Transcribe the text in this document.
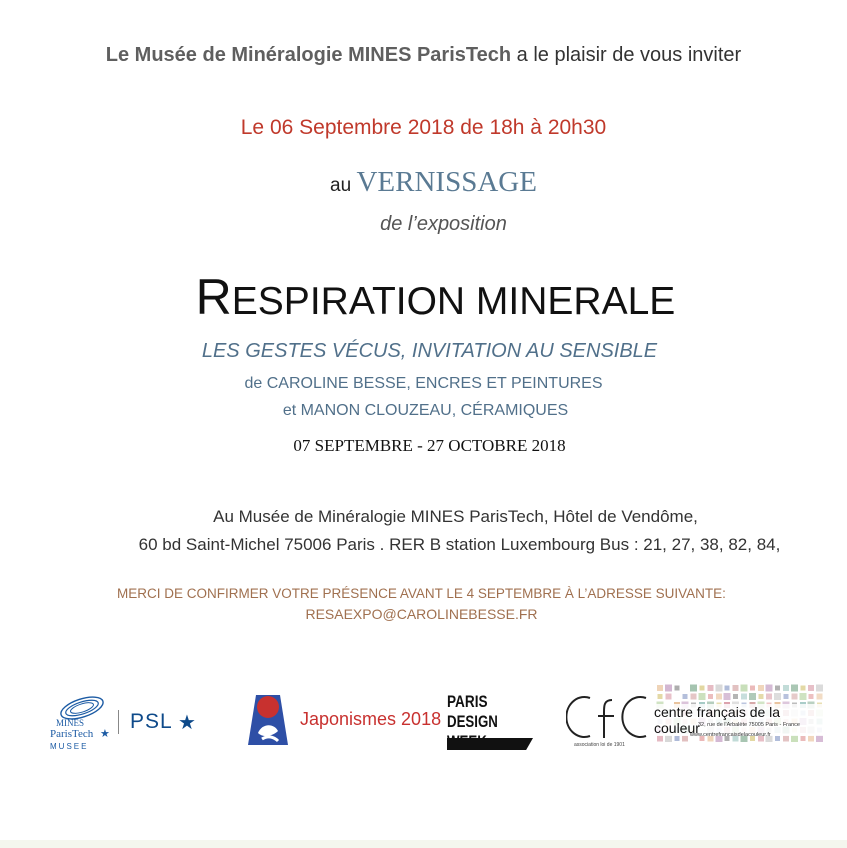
Le Musée de Minéralogie MINES ParisTech a le plaisir de vous inviter
Le 06 Septembre 2018 de 18h à 20h30
au VERNISSAGE
de l’exposition
RESPIRATION MINERALE
LES GESTES VÉCUS, INVITATION AU SENSIBLE
de CAROLINE BESSE, ENCRES ET PEINTURES
et MANON CLOUZEAU, CÉRAMIQUES
07 SEPTEMBRE - 27 OCTOBRE 2018
Au Musée de Minéralogie MINES ParisTech, Hôtel de Vendôme,
60 bd Saint-Michel 75006 Paris . RER B station Luxembourg Bus : 21, 27, 38, 82, 84,
MERCI DE CONFIRMER VOTRE PRÉSENCE AVANT LE 4 SEPTEMBRE À L’ADRESSE SUIVANTE:
RESAEXPO@CAROLINEBESSE.FR
MINES
ParisTech
MUSEE
★
PSL ★	Japonismes 2018
PARIS
DESIGN
association loi de 1901
centre français de la couleur
32, rue de l'Arbalète 75005 Paris - France
www.centrefrancaisdelacouleur.fr
